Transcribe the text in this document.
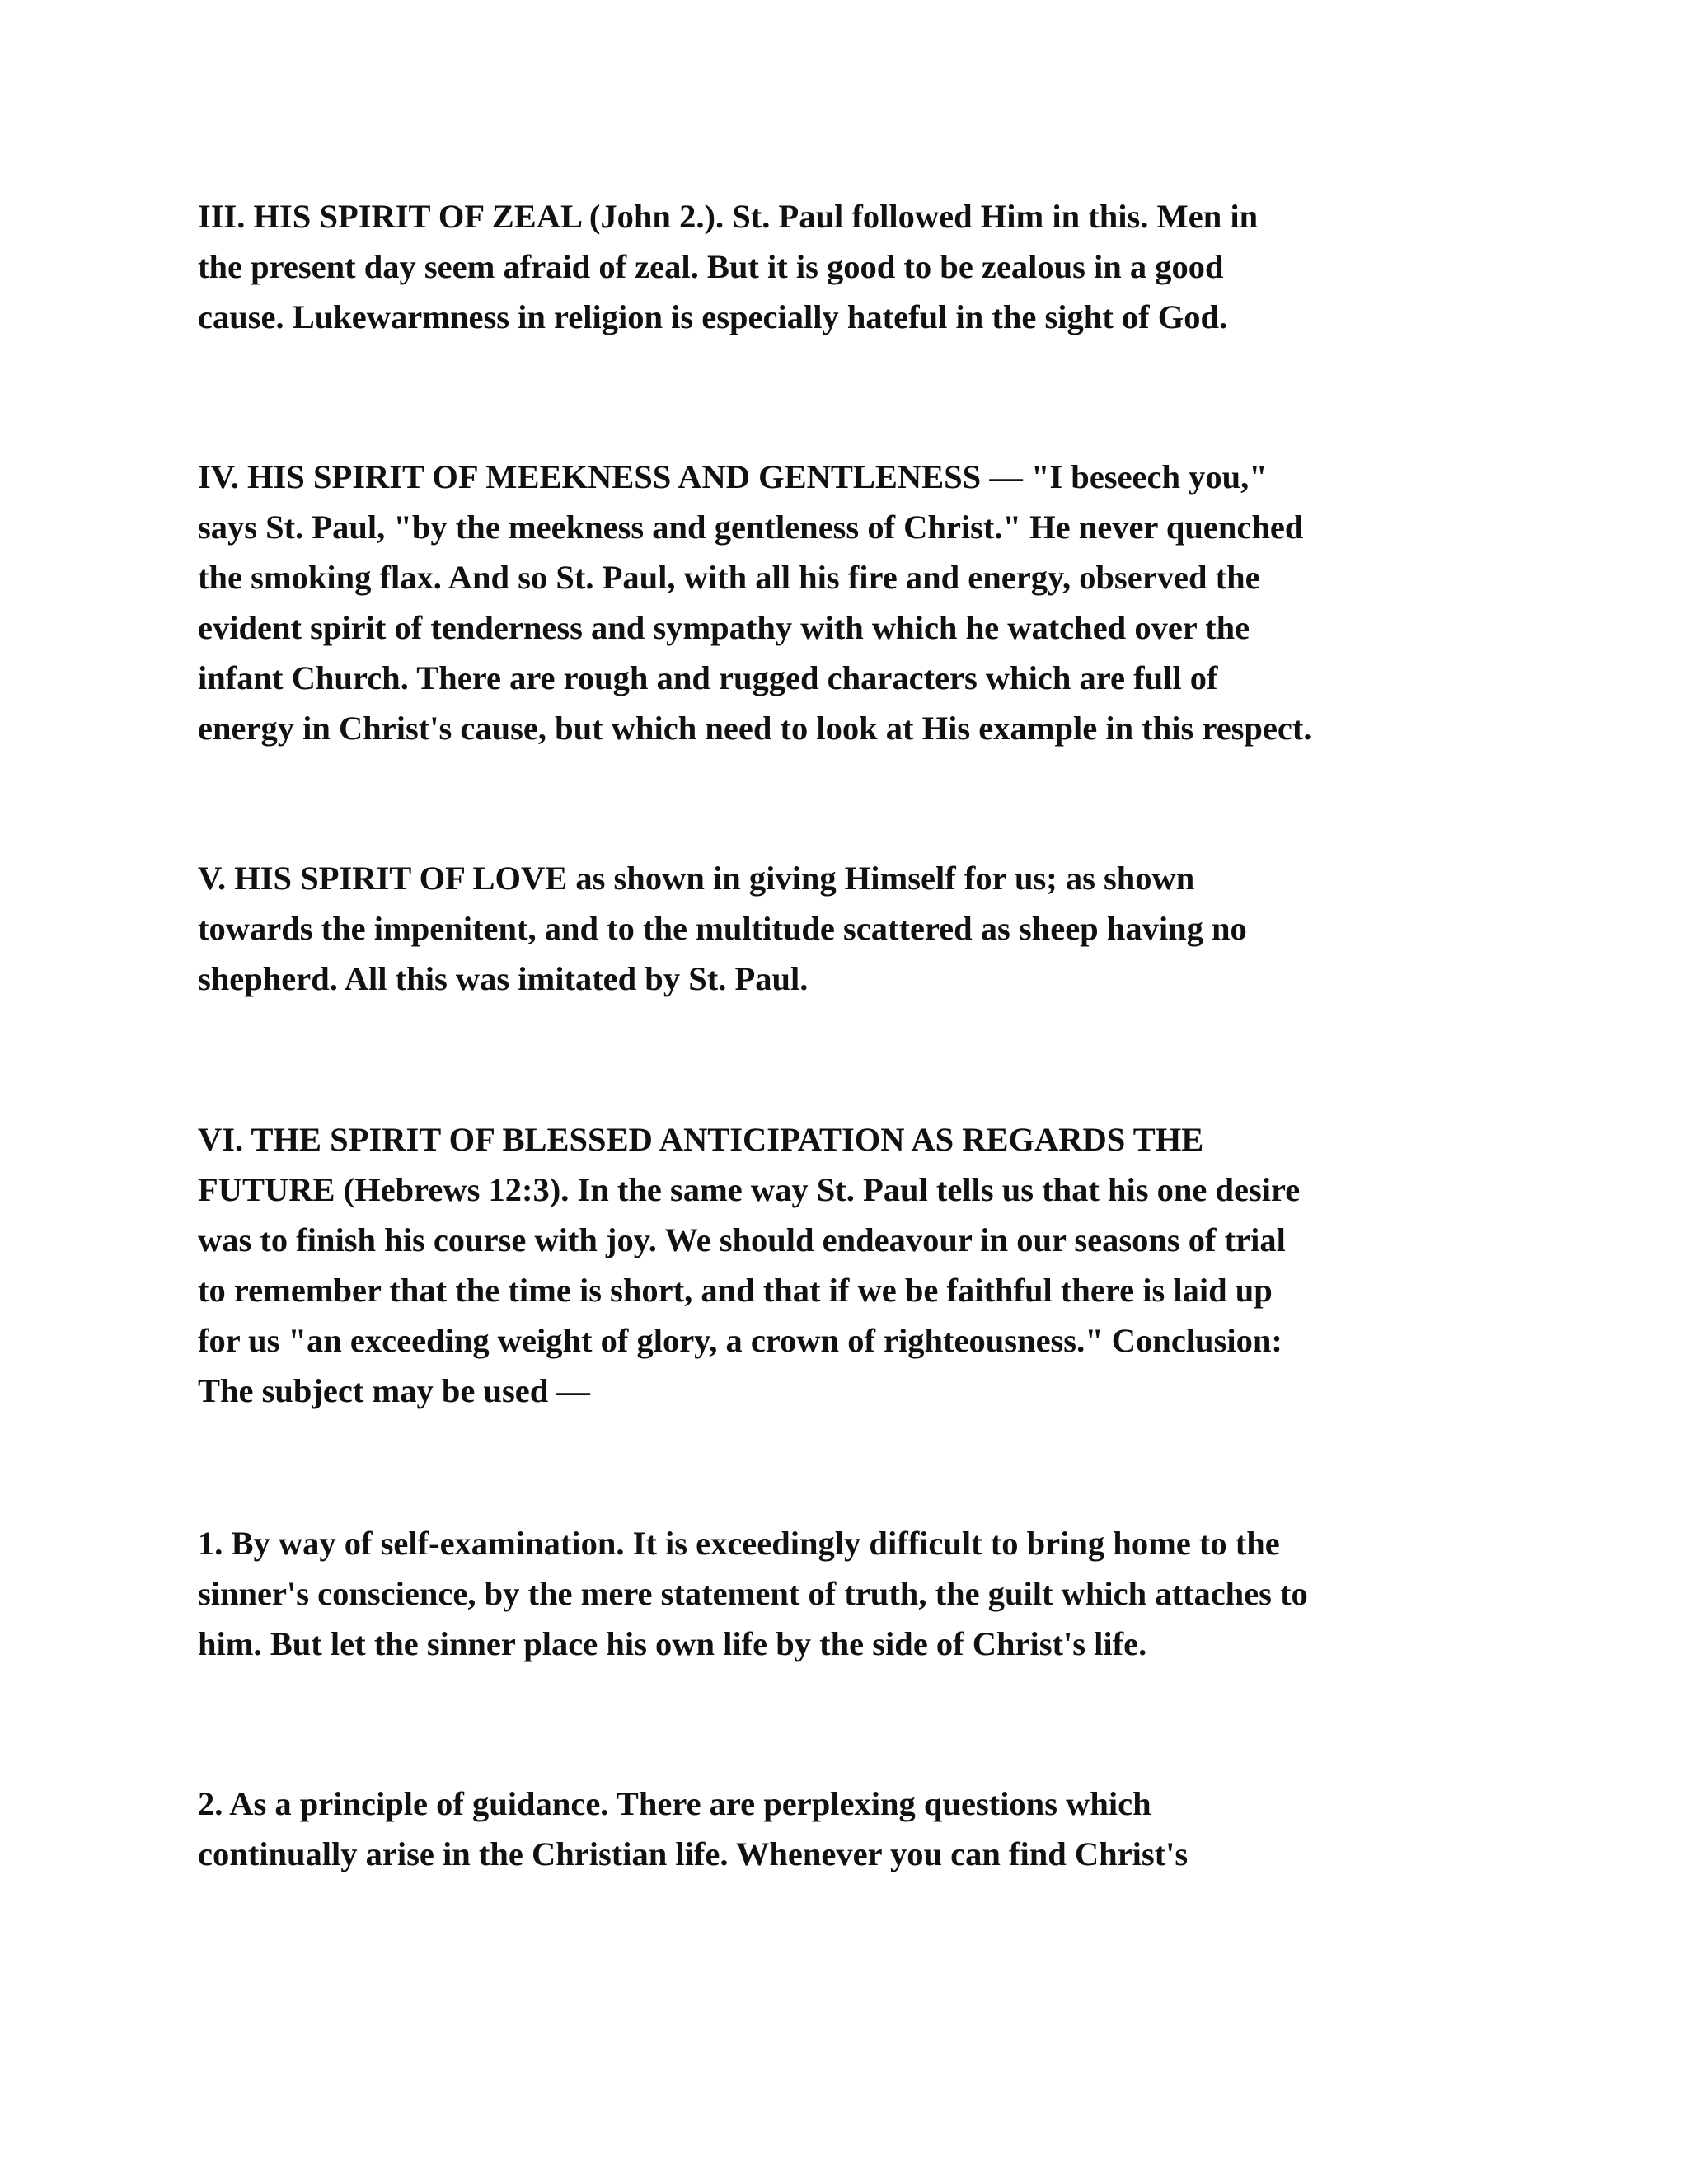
III. HIS SPIRIT OF ZEAL (John 2.). St. Paul followed Him in this. Men in
the present day seem afraid of zeal. But it is good to be zealous in a good
cause. Lukewarmness in religion is especially hateful in the sight of God.

IV. HIS SPIRIT OF MEEKNESS AND GENTLENESS — "I beseech you,"
says St. Paul, "by the meekness and gentleness of Christ." He never quenched
the smoking flax. And so St. Paul, with all his fire and energy, observed the
evident spirit of tenderness and sympathy with which he watched over the
infant Church. There are rough and rugged characters which are full of
energy in Christ's cause, but which need to look at His example in this respect.

V. HIS SPIRIT OF LOVE as shown in giving Himself for us; as shown
towards the impenitent, and to the multitude scattered as sheep having no
shepherd. All this was imitated by St. Paul.

VI. THE SPIRIT OF BLESSED ANTICIPATION AS REGARDS THE
FUTURE (Hebrews 12:3). In the same way St. Paul tells us that his one desire
was to finish his course with joy. We should endeavour in our seasons of trial
to remember that the time is short, and that if we be faithful there is laid up
for us "an exceeding weight of glory, a crown of righteousness." Conclusion:
The subject may be used —

1. By way of self-examination. It is exceedingly difficult to bring home to the
sinner's conscience, by the mere statement of truth, the guilt which attaches to
him. But let the sinner place his own life by the side of Christ's life.

2. As a principle of guidance. There are perplexing questions which
continually arise in the Christian life. Whenever you can find Christ's
